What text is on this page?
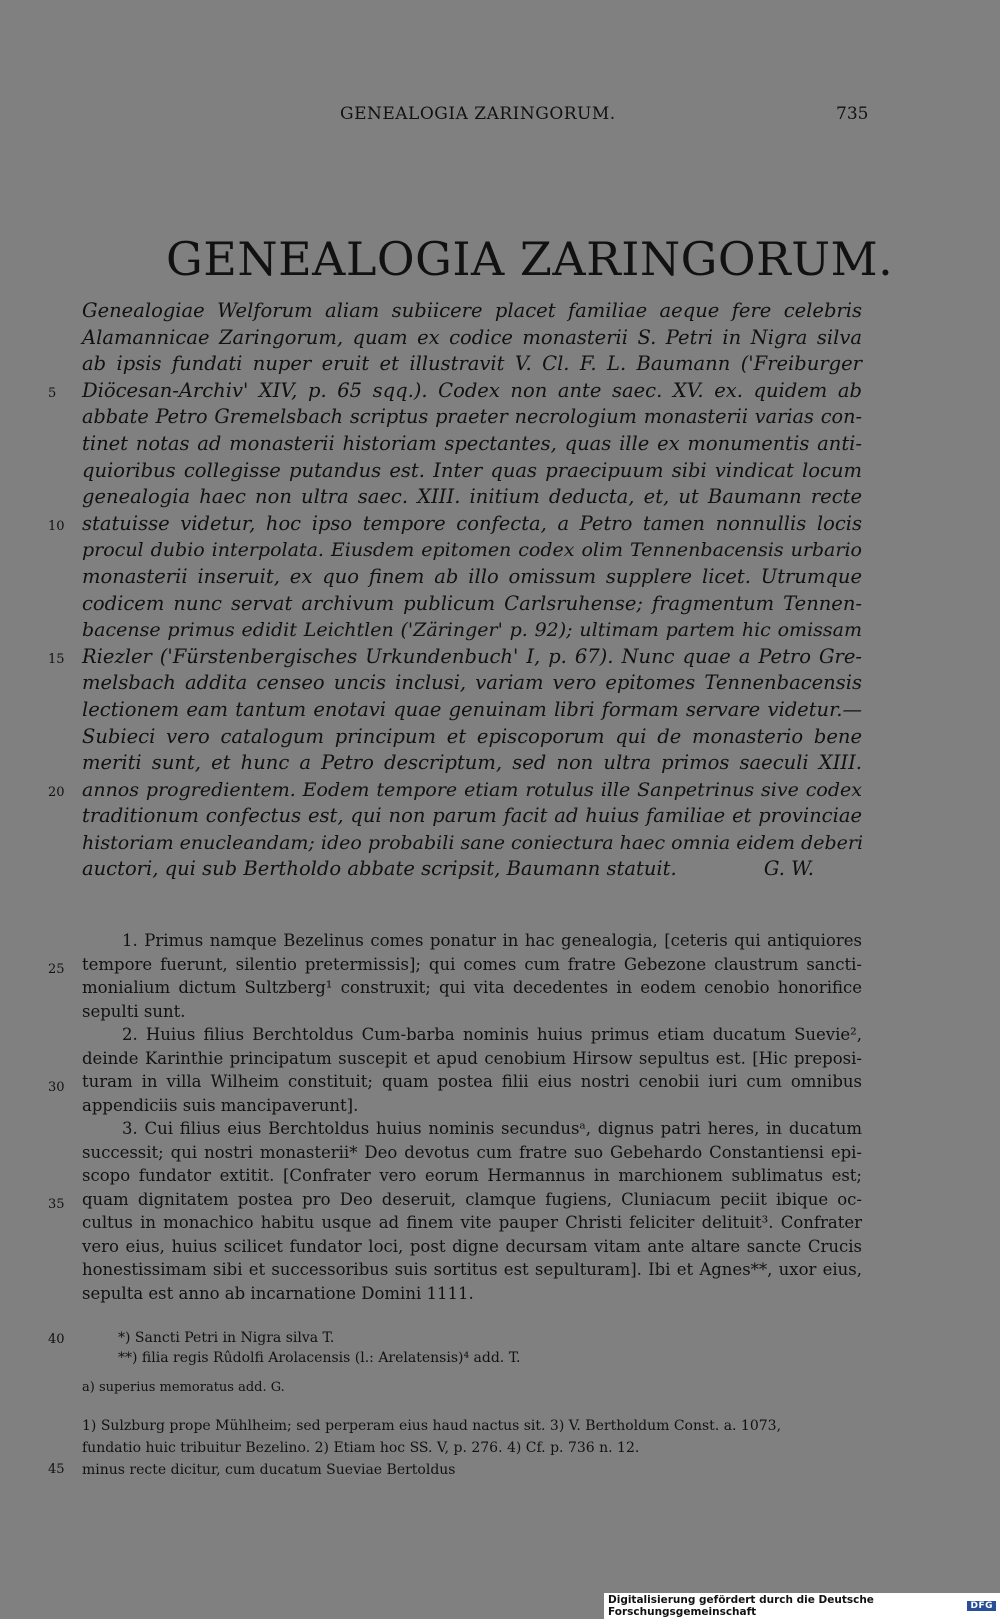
GENEALOGIA ZARINGORUM.	735
GENEALOGIA ZARINGORUM.
Genealogiae Welforum aliam subiicere placet familiae aeque fere celebris
Alamannicae Zaringorum, quam ex codice monasterii S. Petri in Nigra silva
ab ipsis fundati nuper eruit et illustravit V. Cl. F. L. Baumann ('Freiburger
Diöcesan-Archiv' XIV, p. 65 sqq.). Codex non ante saec. XV. ex. quidem ab
abbate Petro Gremelsbach scriptus praeter necrologium monasterii varias con-
tinet notas ad monasterii historiam spectantes, quas ille ex monumentis anti-
quioribus collegisse putandus est. Inter quas praecipuum sibi vindicat locum
genealogia haec non ultra saec. XIII. initium deducta, et, ut Baumann recte
statuisse videtur, hoc ipso tempore confecta, a Petro tamen nonnullis locis
procul dubio interpolata. Eiusdem epitomen codex olim Tennenbacensis urbario
monasterii inseruit, ex quo finem ab illo omissum supplere licet. Utrumque
codicem nunc servat archivum publicum Carlsruhense; fragmentum Tennen-
bacense primus edidit Leichtlen ('Zäringer' p. 92); ultimam partem hic omissam
Riezler ('Fürstenbergisches Urkundenbuch' I, p. 67). Nunc quae a Petro Gre-
melsbach addita censeo uncis inclusi, variam vero epitomes Tennenbacensis
lectionem eam tantum enotavi quae genuinam libri formam servare videtur.—
Subieci vero catalogum principum et episcoporum qui de monasterio bene
meriti sunt, et hunc a Petro descriptum, sed non ultra primos saeculi XIII.
annos progredientem. Eodem tempore etiam rotulus ille Sanpetrinus sive codex
traditionum confectus est, qui non parum facit ad huius familiae et provinciae
historiam enucleandam; ideo probabili sane coniectura haec omnia eidem deberi
auctori, qui sub Bertholdo abbate scripsit, Baumann statuit.	G. W.
1. Primus namque Bezelinus comes ponatur in hac genealogia, [ceteris qui antiquiores
tempore fuerunt, silentio pretermissis]; qui comes cum fratre Gebezone claustrum sancti-
monialium dictum Sultzberg¹ construxit; qui vita decedentes in eodem cenobio honorifice
sepulti sunt.
2. Huius filius Berchtoldus Cum-barba nominis huius primus etiam ducatum Suevie²,
deinde Karinthie principatum suscepit et apud cenobium Hirsow sepultus est. [Hic preposi-
turam in villa Wilheim constituit; quam postea filii eius nostri cenobii iuri cum omnibus
appendiciis suis mancipaverunt].
3. Cui filius eius Berchtoldus huius nominis secundusᵃ, dignus patri heres, in ducatum
successit; qui nostri monasterii* Deo devotus cum fratre suo Gebehardo Constantiensi epi-
scopo fundator extitit. [Confrater vero eorum Hermannus in marchionem sublimatus est;
quam dignitatem postea pro Deo deseruit, clamque fugiens, Cluniacum peciit ibique oc-
cultus in monachico habitu usque ad finem vite pauper Christi feliciter delituit³. Confrater
vero eius, huius scilicet fundator loci, post digne decursam vitam ante altare sancte Crucis
honestissimam sibi et successoribus suis sortitus est sepulturam]. Ibi et Agnes**, uxor eius,
sepulta est anno ab incarnatione Domini 1111.
5
10
15
20
25
30
35
40
45
*) Sancti Petri in Nigra silva T.
**) filia regis Rûdolfi Arolacensis (l.: Arelatensis)⁴ add. T.
a) superius memoratus add. G.
1) Sulzburg prope Mühlheim; sed perperam eius haud nactus sit. 3) V. Bertholdum Const. a. 1073,
fundatio huic tribuitur Bezelino. 2) Etiam hoc SS. V, p. 276. 4) Cf. p. 736 n. 12.
minus recte dicitur, cum ducatum Sueviae Bertoldus
Digitalisierung gefördert durch die Deutsche Forschungsgemeinschaft	DFG
